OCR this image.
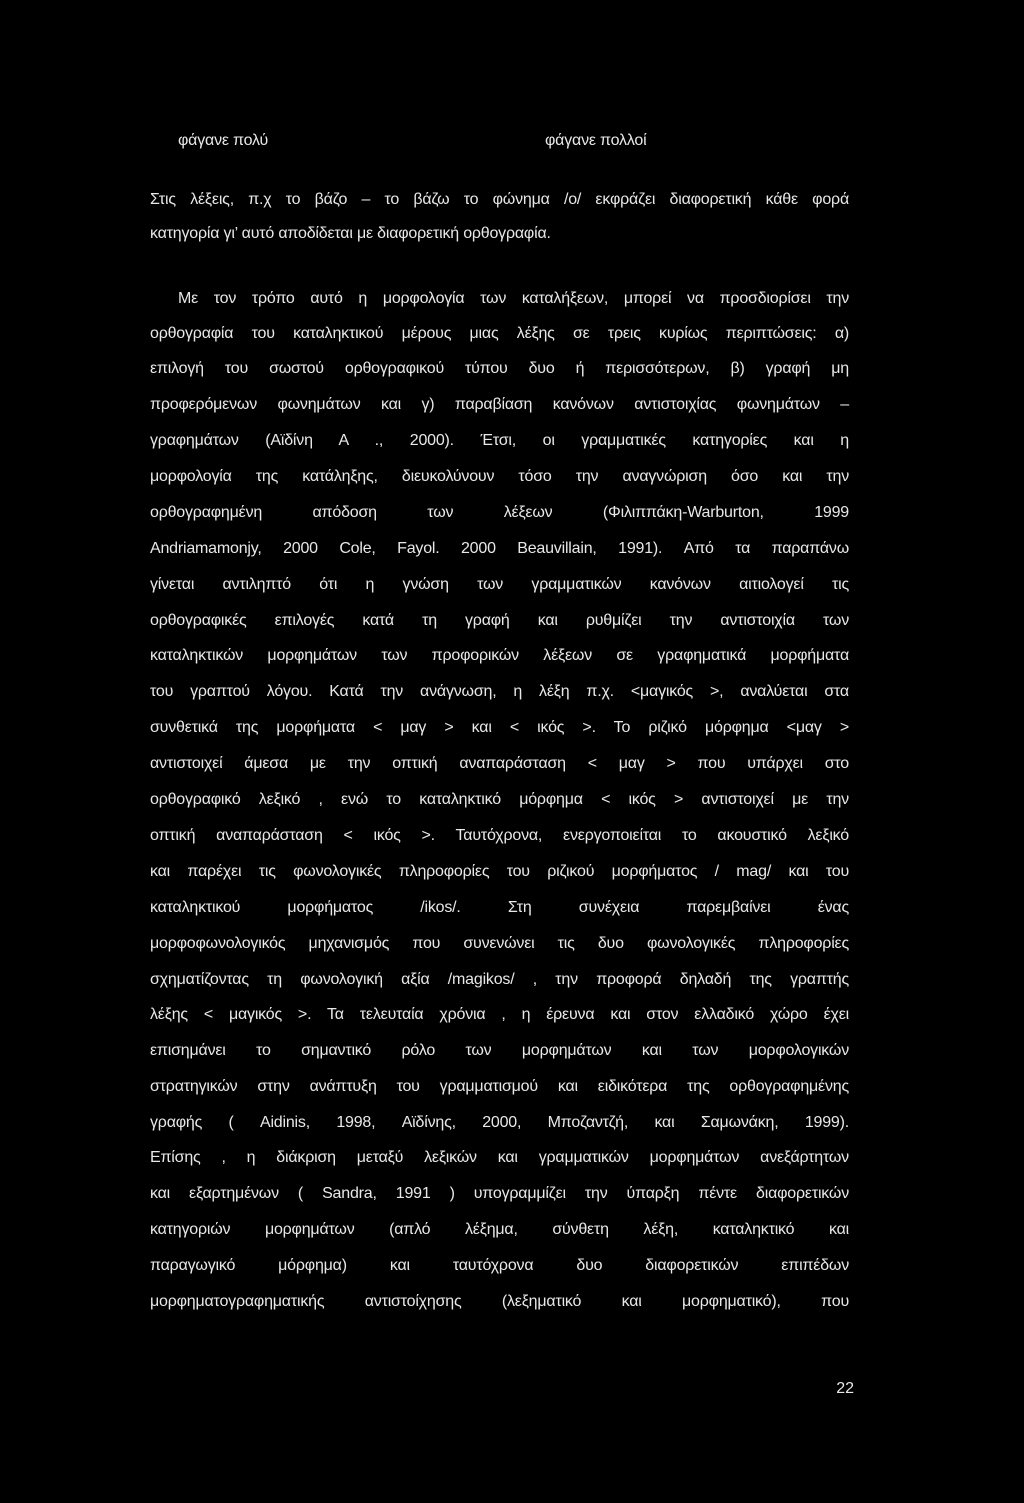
φάγανε πολύ	φάγανε πολλοί
Στις λέξεις, π.χ το βάζο – το βάζω το φώνημα /ο/ εκφράζει διαφορετική κάθε φορά
κατηγορία γι’ αυτό αποδίδεται με διαφορετική ορθογραφία.
Με τον τρόπο αυτό η μορφολογία των καταλήξεων, μπορεί να προσδιορίσει την
ορθογραφία του καταληκτικού μέρους μιας λέξης σε τρεις κυρίως περιπτώσεις: α)
επιλογή του σωστού ορθογραφικού τύπου δυο ή περισσότερων, β) γραφή μη
προφερόμενων φωνημάτων και γ) παραβίαση κανόνων αντιστοιχίας φωνημάτων –
γραφημάτων (Αϊδίνη Α ., 2000). Έτσι, οι γραμματικές κατηγορίες και η
μορφολογία της κατάληξης, διευκολύνουν τόσο την αναγνώριση όσο και την
ορθογραφημένη απόδοση των λέξεων (Φιλιππάκη-Warburton, 1999
Andriamamonjy, 2000 Cole, Fayol. 2000 Beauvillain, 1991). Από τα παραπάνω
γίνεται αντιληπτό ότι η γνώση των γραμματικών κανόνων αιτιολογεί τις
ορθογραφικές επιλογές κατά τη γραφή και ρυθμίζει την αντιστοιχία των
καταληκτικών μορφημάτων των προφορικών λέξεων σε γραφηματικά μορφήματα
του γραπτού λόγου. Κατά την ανάγνωση, η λέξη π.χ. <μαγικός >, αναλύεται στα
συνθετικά της μορφήματα < μαγ > και < ικός >. Το ριζικό μόρφημα <μαγ >
αντιστοιχεί άμεσα με την οπτική αναπαράσταση < μαγ > που υπάρχει στο
ορθογραφικό λεξικό , ενώ το καταληκτικό μόρφημα < ικός > αντιστοιχεί με την
οπτική αναπαράσταση < ικός >. Ταυτόχρονα, ενεργοποιείται το ακουστικό λεξικό
και παρέχει τις φωνολογικές πληροφορίες του ριζικού μορφήματος / mag/ και του
καταληκτικού μορφήματος /ikos/. Στη συνέχεια παρεμβαίνει ένας
μορφοφωνολογικός μηχανισμός που συνενώνει τις δυο φωνολογικές πληροφορίες
σχηματίζοντας τη φωνολογική αξία /magikos/ , την προφορά δηλαδή της γραπτής
λέξης < μαγικός >. Τα τελευταία χρόνια , η έρευνα και στον ελλαδικό χώρο έχει
επισημάνει το σημαντικό ρόλο των μορφημάτων και των μορφολογικών
στρατηγικών στην ανάπτυξη του γραμματισμού και ειδικότερα της ορθογραφημένης
γραφής ( Aidinis, 1998, Αϊδίνης, 2000, Μποζαντζή, και Σαμωνάκη, 1999).
Επίσης , η διάκριση μεταξύ λεξικών και γραμματικών μορφημάτων ανεξάρτητων
και εξαρτημένων ( Sandra, 1991 ) υπογραμμίζει την ύπαρξη πέντε διαφορετικών
κατηγοριών μορφημάτων (απλό λέξημα, σύνθετη λέξη, καταληκτικό και
παραγωγικό μόρφημα) και ταυτόχρονα δυο διαφορετικών επιπέδων
μορφηματογραφηματικής αντιστοίχησης (λεξηματικό και μορφηματικό), που
22
